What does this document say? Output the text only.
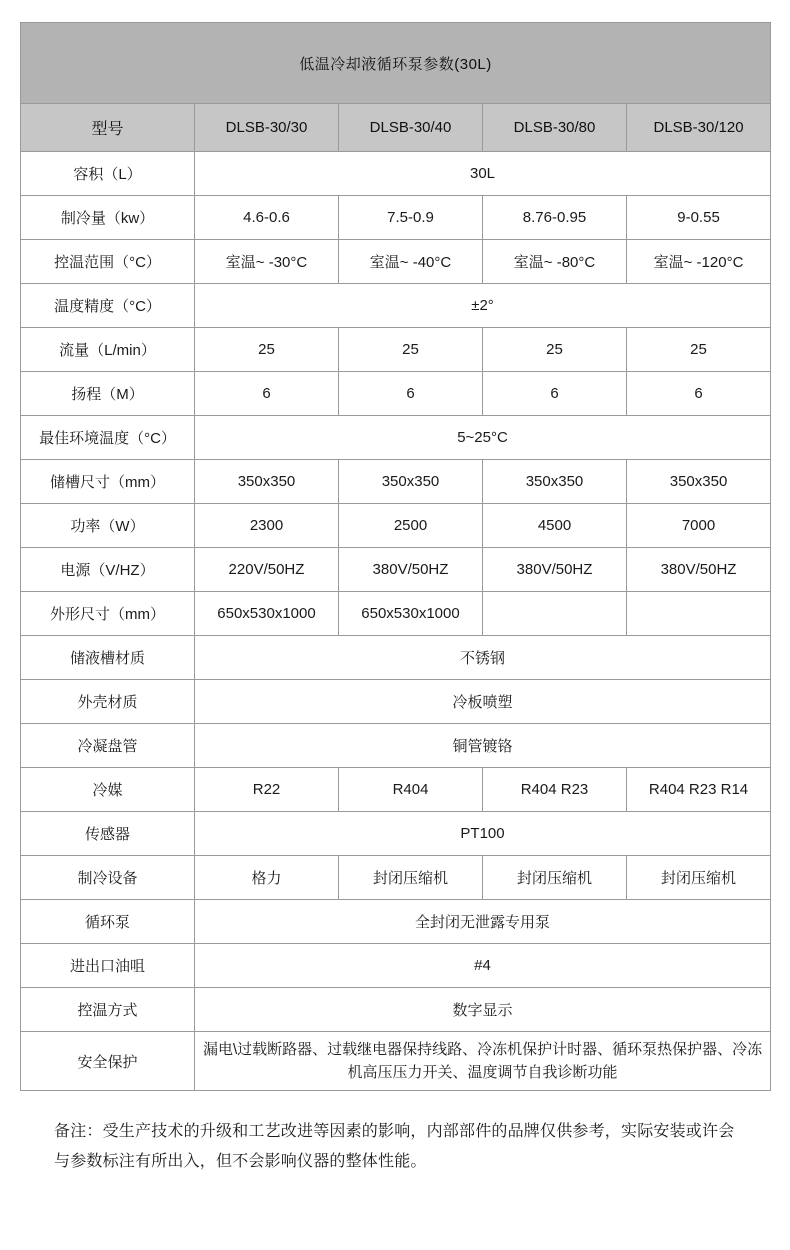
低温冷却液循环泵参数(30L)				
型号	DLSB-30/30	DLSB-30/40	DLSB-30/80	DLSB-30/120
容积（L）	30L			
制冷量（kw）	4.6-0.6	7.5-0.9	8.76-0.95	9-0.55
控温范围（°C）	室温~ -30°C	室温~ -40°C	室温~ -80°C	室温~ -120°C
温度精度（°C）	±2°			
流量（L/min）	25	25	25	25
扬程（M）	6	6	6	6
最佳环境温度（°C）	5~25°C			
储槽尺寸（mm）	350x350	350x350	350x350	350x350
功率（W）	2300	2500	4500	7000
电源（V/HZ）	220V/50HZ	380V/50HZ	380V/50HZ	380V/50HZ
外形尺寸（mm）	650x530x1000	650x530x1000		
储液槽材质	不锈钢			
外壳材质	冷板喷塑			
冷凝盘管	铜管镀铬			
冷媒	R22	R404	R404 R23	R404 R23 R14
传感器	PT100			
制冷设备	格力	封闭压缩机	封闭压缩机	封闭压缩机
循环泵	全封闭无泄露专用泵			
进出口油咀	#4			
控温方式	数字显示			
安全保护	漏电\过载断路器、过载继电器保持线路、冷冻机保护计时器、循环泵热保护器、冷冻机高压压力开关、温度调节自我诊断功能			
备注：受生产技术的升级和工艺改进等因素的影响，内部部件的品牌仅供参考，实际安装或许会与参数标注有所出入，但不会影响仪器的整体性能。
